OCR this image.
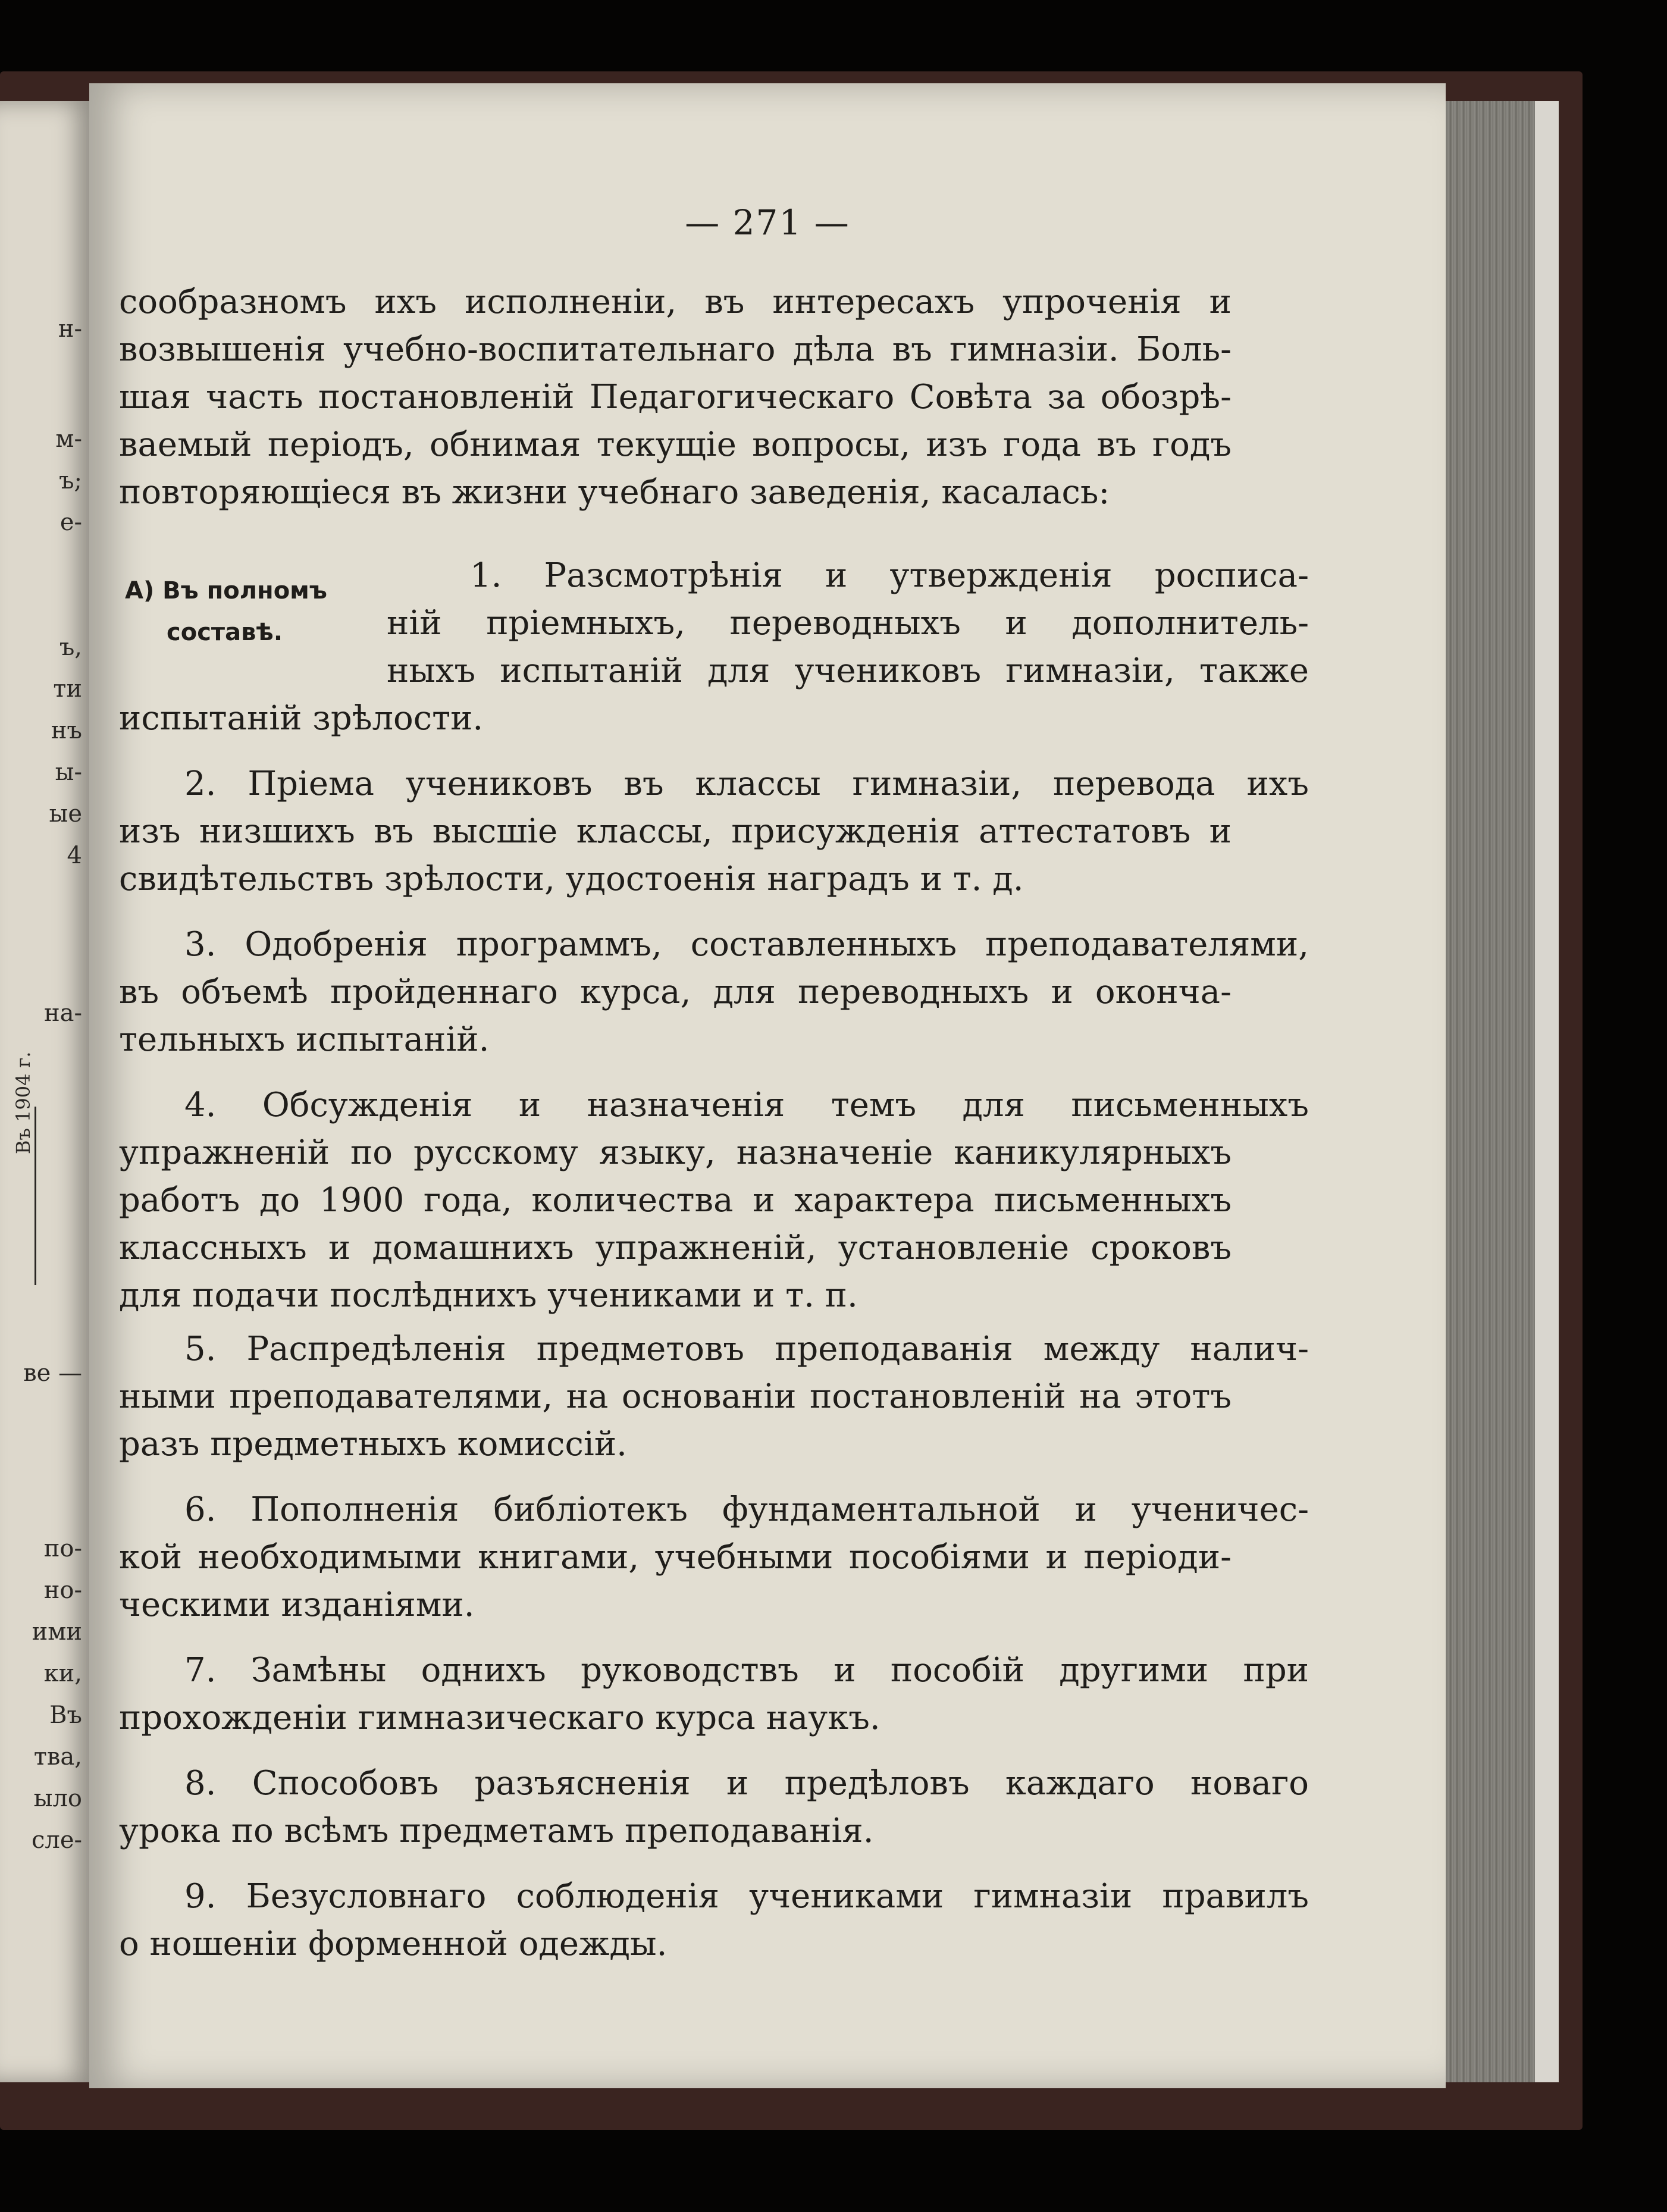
н-
м-
ъ;
е-
ъ,
ти
нъ
ы-
ые
4
на-
Въ 1904 г.
ве —
по-
но-
ими
ки,
Въ
тва,
ыло
сле-
— 271 —
А) Въ полномъ
составѣ.
сообразномъ ихъ исполненіи, въ интересахъ упроченія и
возвышенія учебно-воспитательнаго дѣла въ гимназіи. Боль-
шая часть постановленій Педагогическаго Совѣта за обозрѣ-
ваемый періодъ, обнимая текущіе вопросы, изъ года въ годъ
повторяющіеся въ жизни учебнаго заведенія, касалась:
1. Разсмотрѣнія и утвержденія росписа-
ній пріемныхъ, переводныхъ и дополнитель-
ныхъ испытаній для учениковъ гимназіи, также
испытаній зрѣлости.
2. Пріема учениковъ въ классы гимназіи, перевода ихъ
изъ низшихъ въ высшіе классы, присужденія аттестатовъ и
свидѣтельствъ зрѣлости, удостоенія наградъ и т. д.
3. Одобренія программъ, составленныхъ преподавателями,
въ объемѣ пройденнаго курса, для переводныхъ и оконча-
тельныхъ испытаній.
4. Обсужденія и назначенія темъ для письменныхъ
упражненій по русскому языку, назначеніе каникулярныхъ
работъ до 1900 года, количества и характера письменныхъ
классныхъ и домашнихъ упражненій, установленіе сроковъ
для подачи послѣднихъ учениками и т. п.
5. Распредѣленія предметовъ преподаванія между налич-
ными преподавателями, на основаніи постановленій на этотъ
разъ предметныхъ комиссій.
6. Пополненія библіотекъ фундаментальной и ученичес-
кой необходимыми книгами, учебными пособіями и періоди-
ческими изданіями.
7. Замѣны однихъ руководствъ и пособій другими при
прохожденіи гимназическаго курса наукъ.
8. Способовъ разъясненія и предѣловъ каждаго новаго
урока по всѣмъ предметамъ преподаванія.
9. Безусловнаго соблюденія учениками гимназіи правилъ
о ношеніи форменной одежды.
